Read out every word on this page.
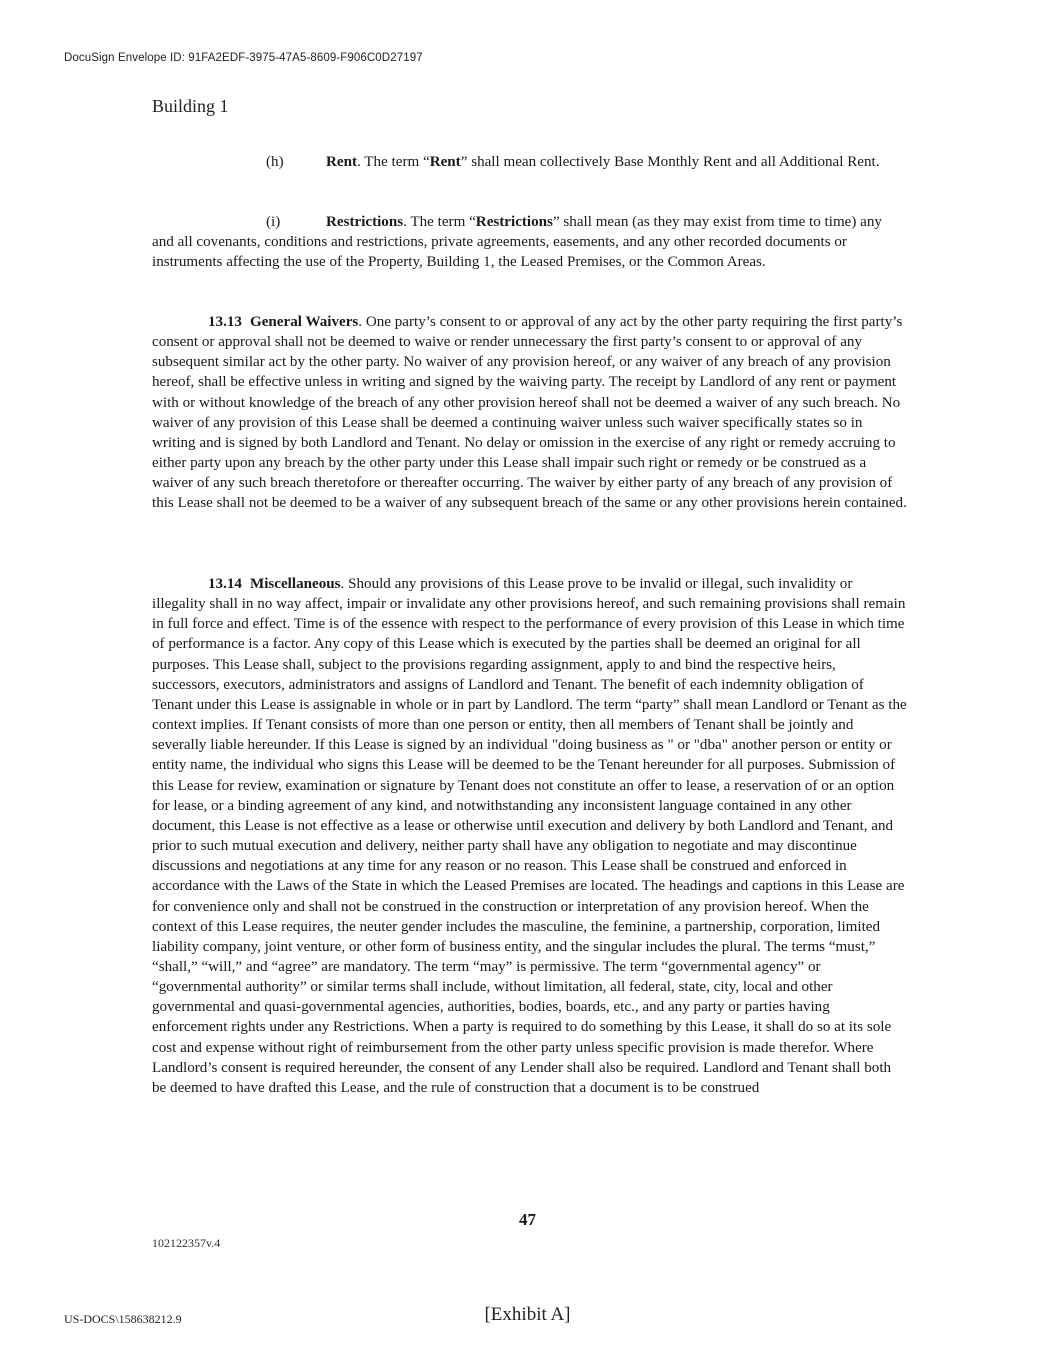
DocuSign Envelope ID: 91FA2EDF-3975-47A5-8609-F906C0D27197
Building 1
(h)	Rent. The term “Rent” shall mean collectively Base Monthly Rent and all Additional Rent.
(i)	Restrictions. The term “Restrictions” shall mean (as they may exist from time to time) any and all covenants, conditions and restrictions, private agreements, easements, and any other recorded documents or instruments affecting the use of the Property, Building 1, the Leased Premises, or the Common Areas.
13.13 General Waivers. One party’s consent to or approval of any act by the other party requiring the first party’s consent or approval shall not be deemed to waive or render unnecessary the first party’s consent to or approval of any subsequent similar act by the other party. No waiver of any provision hereof, or any waiver of any breach of any provision hereof, shall be effective unless in writing and signed by the waiving party. The receipt by Landlord of any rent or payment with or without knowledge of the breach of any other provision hereof shall not be deemed a waiver of any such breach. No waiver of any provision of this Lease shall be deemed a continuing waiver unless such waiver specifically states so in writing and is signed by both Landlord and Tenant. No delay or omission in the exercise of any right or remedy accruing to either party upon any breach by the other party under this Lease shall impair such right or remedy or be construed as a waiver of any such breach theretofore or thereafter occurring. The waiver by either party of any breach of any provision of this Lease shall not be deemed to be a waiver of any subsequent breach of the same or any other provisions herein contained.
13.14 Miscellaneous. Should any provisions of this Lease prove to be invalid or illegal, such invalidity or illegality shall in no way affect, impair or invalidate any other provisions hereof, and such remaining provisions shall remain in full force and effect. Time is of the essence with respect to the performance of every provision of this Lease in which time of performance is a factor. Any copy of this Lease which is executed by the parties shall be deemed an original for all purposes. This Lease shall, subject to the provisions regarding assignment, apply to and bind the respective heirs, successors, executors, administrators and assigns of Landlord and Tenant. The benefit of each indemnity obligation of Tenant under this Lease is assignable in whole or in part by Landlord. The term “party” shall mean Landlord or Tenant as the context implies. If Tenant consists of more than one person or entity, then all members of Tenant shall be jointly and severally liable hereunder. If this Lease is signed by an individual "doing business as " or "dba" another person or entity or entity name, the individual who signs this Lease will be deemed to be the Tenant hereunder for all purposes. Submission of this Lease for review, examination or signature by Tenant does not constitute an offer to lease, a reservation of or an option for lease, or a binding agreement of any kind, and notwithstanding any inconsistent language contained in any other document, this Lease is not effective as a lease or otherwise until execution and delivery by both Landlord and Tenant, and prior to such mutual execution and delivery, neither party shall have any obligation to negotiate and may discontinue discussions and negotiations at any time for any reason or no reason. This Lease shall be construed and enforced in accordance with the Laws of the State in which the Leased Premises are located. The headings and captions in this Lease are for convenience only and shall not be construed in the construction or interpretation of any provision hereof. When the context of this Lease requires, the neuter gender includes the masculine, the feminine, a partnership, corporation, limited liability company, joint venture, or other form of business entity, and the singular includes the plural. The terms “must,” “shall,” “will,” and “agree” are mandatory. The term “may” is permissive. The term “governmental agency” or “governmental authority” or similar terms shall include, without limitation, all federal, state, city, local and other governmental and quasi-governmental agencies, authorities, bodies, boards, etc., and any party or parties having enforcement rights under any Restrictions. When a party is required to do something by this Lease, it shall do so at its sole cost and expense without right of reimbursement from the other party unless specific provision is made therefor. Where Landlord’s consent is required hereunder, the consent of any Lender shall also be required. Landlord and Tenant shall both be deemed to have drafted this Lease, and the rule of construction that a document is to be construed
47
102122357v.4
US-DOCS\158638212.9	[Exhibit A]
